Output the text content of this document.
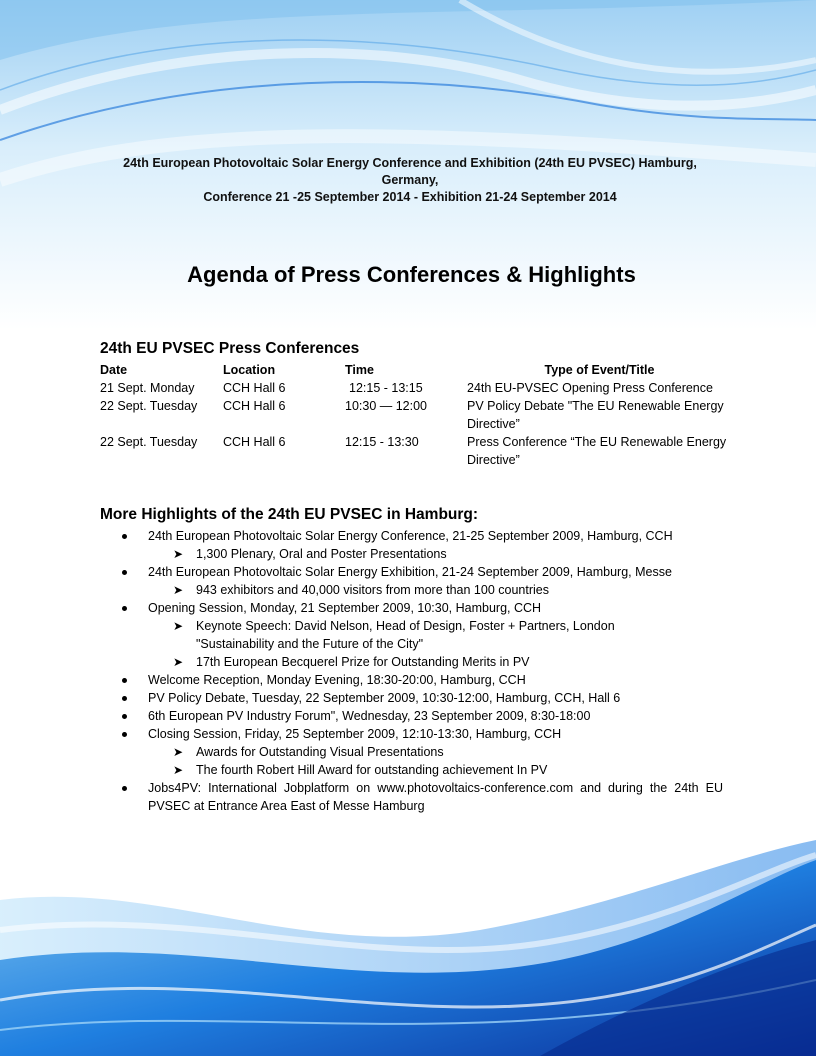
24th European Photovoltaic Solar Energy Conference and Exhibition (24th EU PVSEC) Hamburg,
Germany,
Conference 21 -25 September 2014 - Exhibition 21-24 September 2014
Agenda of Press Conferences & Highlights
24th EU PVSEC Press Conferences
Date	Location	Time	Type of Event/Title
21 Sept. Monday	CCH Hall 6	12:15 - 13:15	24th EU-PVSEC Opening Press Conference
22 Sept. Tuesday	CCH Hall 6	10:30 — 12:00	PV Policy Debate "The EU Renewable Energy Directive”
22 Sept. Tuesday	CCH Hall 6	12:15 - 13:30	Press Conference “The EU Renewable Energy Directive”
More Highlights of the 24th EU PVSEC in Hamburg:
24th European Photovoltaic Solar Energy Conference, 21-25 September 2009, Hamburg, CCH
➤ 1,300 Plenary, Oral and Poster Presentations
24th European Photovoltaic Solar Energy Exhibition, 21-24 September 2009, Hamburg, Messe
➤ 943 exhibitors and 40,000 visitors from more than 100 countries
Opening Session, Monday, 21 September 2009, 10:30, Hamburg, CCH
➤ Keynote Speech: David Nelson, Head of Design, Foster + Partners, London "Sustainability and the Future of the City"
➤ 17th European Becquerel Prize for Outstanding Merits in PV
Welcome Reception, Monday Evening, 18:30-20:00, Hamburg, CCH
PV Policy Debate, Tuesday, 22 September 2009, 10:30-12:00, Hamburg, CCH, Hall 6
6th European PV Industry Forum", Wednesday, 23 September 2009, 8:30-18:00
Closing Session, Friday, 25 September 2009, 12:10-13:30, Hamburg, CCH
➤ Awards for Outstanding Visual Presentations
➤ The fourth Robert Hill Award for outstanding achievement In PV
Jobs4PV: International Jobplatform on www.photovoltaics-conference.com and during the 24th EU PVSEC at Entrance Area East of Messe Hamburg
